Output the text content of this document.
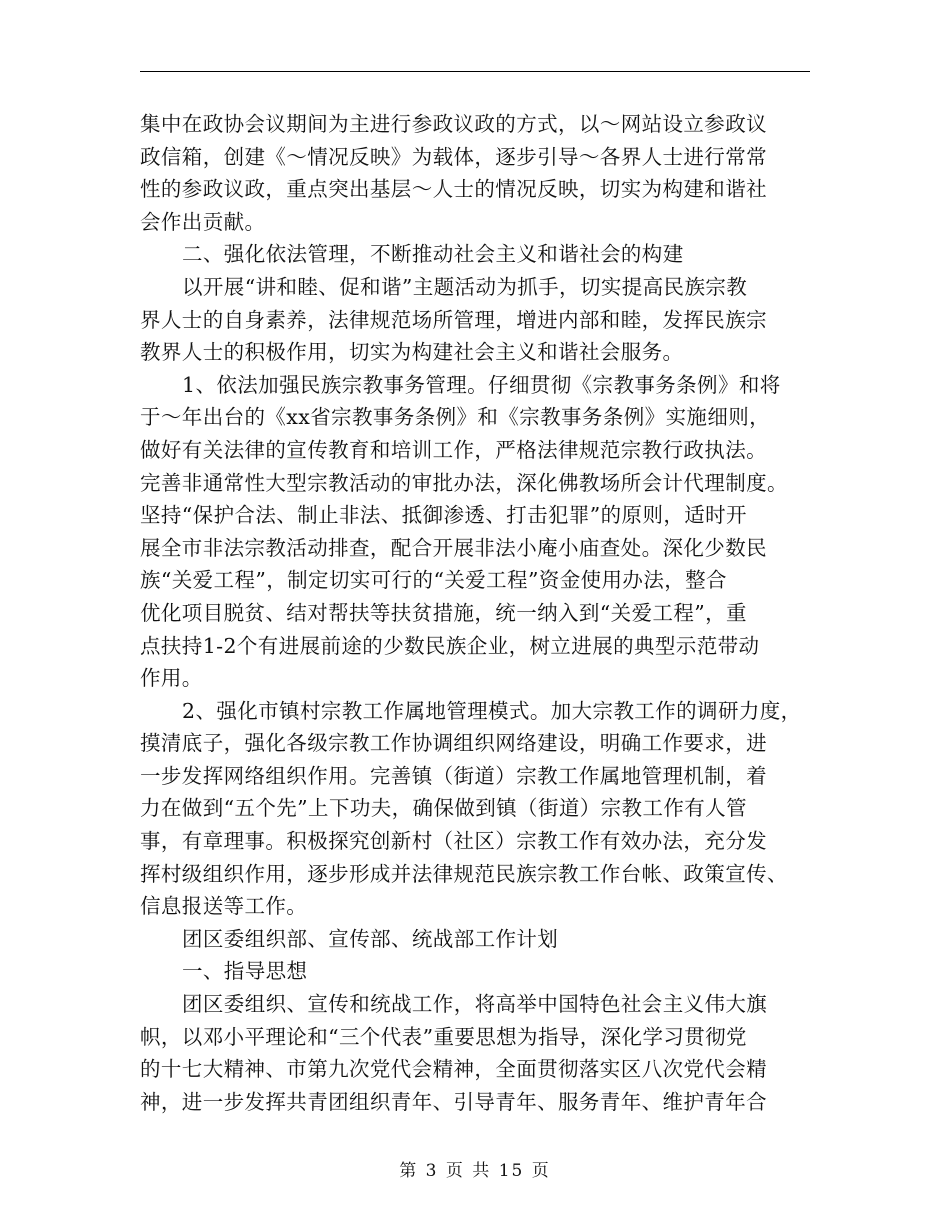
集中在政协会议期间为主进行参政议政的方式，以～网站设立参政议
政信箱，创建《～情况反映》为载体，逐步引导～各界人士进行常常
性的参政议政，重点突出基层～人士的情况反映，切实为构建和谐社
会作出贡献。
二、强化依法管理，不断推动社会主义和谐社会的构建
以开展“讲和睦、促和谐”主题活动为抓手，切实提高民族宗教
界人士的自身素养，法律规范场所管理，增进内部和睦，发挥民族宗
教界人士的积极作用，切实为构建社会主义和谐社会服务。
1、依法加强民族宗教事务管理。仔细贯彻《宗教事务条例》和将
于～年出台的《xx省宗教事务条例》和《宗教事务条例》实施细则，
做好有关法律的宣传教育和培训工作，严格法律规范宗教行政执法。
完善非通常性大型宗教活动的审批办法，深化佛教场所会计代理制度。
坚持“保护合法、制止非法、抵御渗透、打击犯罪”的原则，适时开
展全市非法宗教活动排查，配合开展非法小庵小庙查处。深化少数民
族“关爱工程”，制定切实可行的“关爱工程”资金使用办法，整合
优化项目脱贫、结对帮扶等扶贫措施，统一纳入到“关爱工程”，重
点扶持1-2个有进展前途的少数民族企业，树立进展的典型示范带动
作用。
2、强化市镇村宗教工作属地管理模式。加大宗教工作的调研力度，
摸清底子，强化各级宗教工作协调组织网络建设，明确工作要求，进
一步发挥网络组织作用。完善镇（街道）宗教工作属地管理机制，着
力在做到“五个先”上下功夫，确保做到镇（街道）宗教工作有人管
事，有章理事。积极探究创新村（社区）宗教工作有效办法，充分发
挥村级组织作用，逐步形成并法律规范民族宗教工作台帐、政策宣传、
信息报送等工作。
团区委组织部、宣传部、统战部工作计划
一、指导思想
团区委组织、宣传和统战工作，将高举中国特色社会主义伟大旗
帜，以邓小平理论和“三个代表”重要思想为指导，深化学习贯彻党
的十七大精神、市第九次党代会精神，全面贯彻落实区八次党代会精
神，进一步发挥共青团组织青年、引导青年、服务青年、维护青年合
第 3 页 共 15 页
